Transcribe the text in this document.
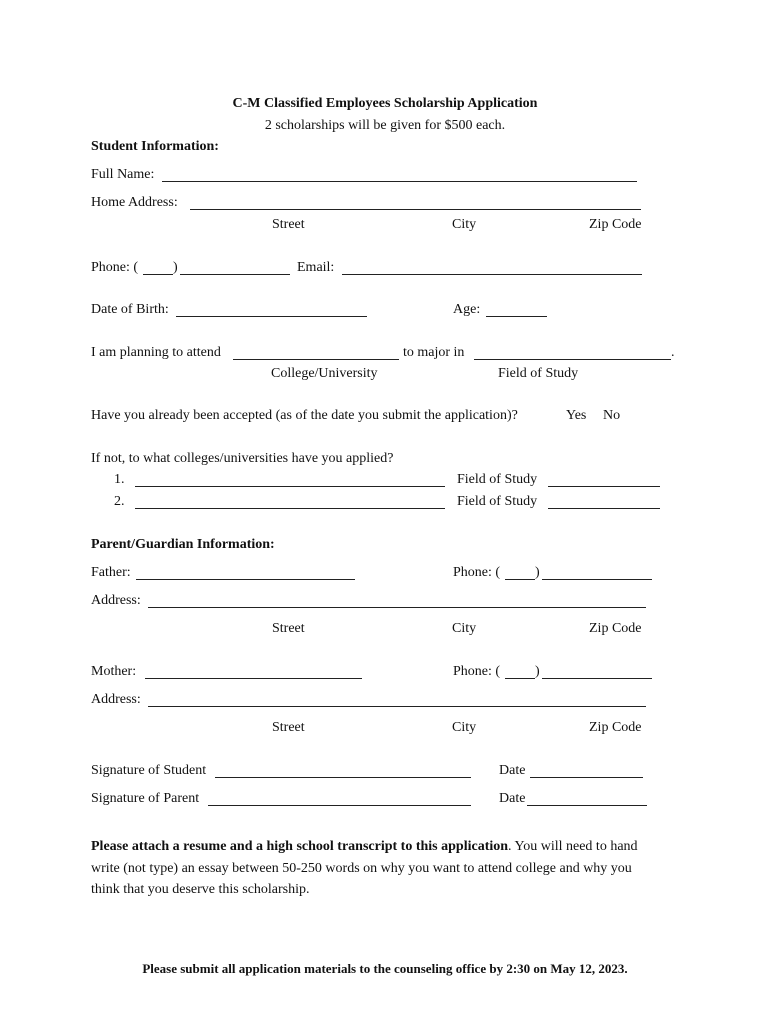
C-M Classified Employees Scholarship Application
2 scholarships will be given for $500 each.
Student Information:
Full Name:
Home Address:
Street	City	Zip Code
Phone: ( )	Email:
Date of Birth:	Age:
I am planning to attend	to major in	.
College/University	Field of Study
Have you already been accepted (as of the date you submit the application)?	Yes No
If not, to what colleges/universities have you applied?
1.	Field of Study
2.	Field of Study
Parent/Guardian Information:
Father:	Phone: ( )
Address:
Street	City	Zip Code
Mother:	Phone: ( )
Address:
Street	City	Zip Code
Signature of Student	Date
Signature of Parent	Date
Please attach a resume and a high school transcript to this application. You will need to hand write (not type) an essay between 50-250 words on why you want to attend college and why you think that you deserve this scholarship.
Please submit all application materials to the counseling office by 2:30 on May 12, 2023.
